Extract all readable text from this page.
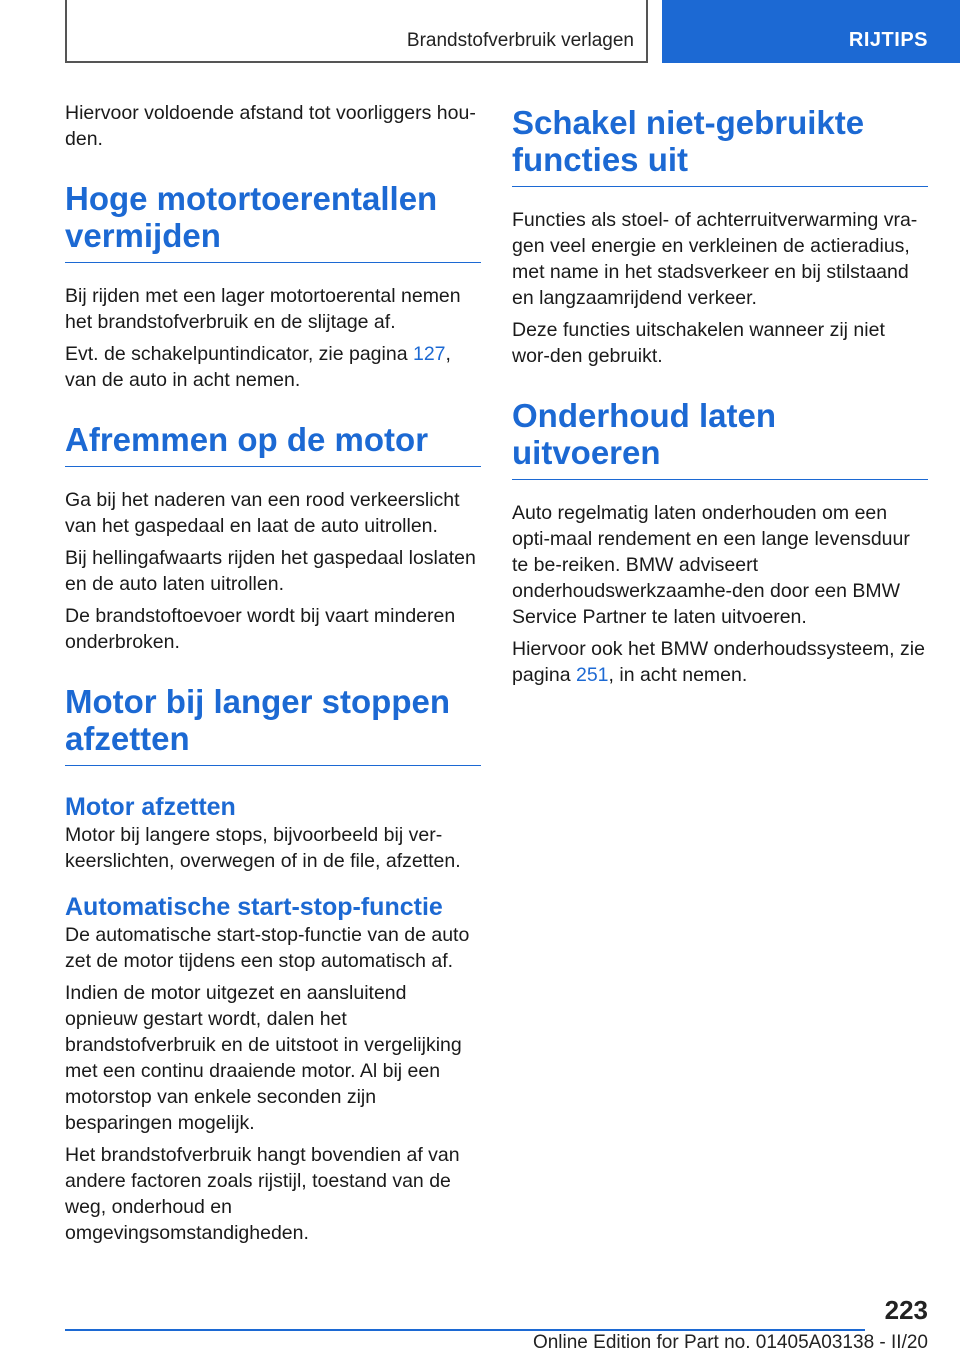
Brandstofverbruik verlagen	RIJTIPS

Hiervoor voldoende afstand tot voorliggers hou-den.

Hoge motortoerentallen vermijden

Bij rijden met een lager motortoerental nemen het brandstofverbruik en de slijtage af.

Evt. de schakelpuntindicator, zie pagina 127, van de auto in acht nemen.

Afremmen op de motor

Ga bij het naderen van een rood verkeerslicht van het gaspedaal en laat de auto uitrollen.

Bij hellingafwaarts rijden het gaspedaal loslaten en de auto laten uitrollen.

De brandstoftoevoer wordt bij vaart minderen onderbroken.

Motor bij langer stoppen afzetten
Motor afzetten

Motor bij langere stops, bijvoorbeeld bij ver-keerslichten, overwegen of in de file, afzetten.

Automatische start-stop-functie

De automatische start-stop-functie van de auto zet de motor tijdens een stop automatisch af.

Indien de motor uitgezet en aansluitend opnieuw gestart wordt, dalen het brandstofverbruik en de uitstoot in vergelijking met een continu draaiende motor. Al bij een motorstop van enkele seconden zijn besparingen mogelijk.

Het brandstofverbruik hangt bovendien af van andere factoren zoals rijstijl, toestand van de weg, onderhoud en omgevingsomstandigheden.

Schakel niet-gebruikte functies uit

Functies als stoel- of achterruitverwarming vra-gen veel energie en verkleinen de actieradius, met name in het stadsverkeer en bij stilstaand en langzaamrijdend verkeer.

Deze functies uitschakelen wanneer zij niet wor-den gebruikt.

Onderhoud laten uitvoeren

Auto regelmatig laten onderhouden om een opti-maal rendement en een lange levensduur te be-reiken. BMW adviseert onderhoudswerkzaamhe-den door een BMW Service Partner te laten uitvoeren.

Hiervoor ook het BMW onderhoudssysteem, zie pagina 251, in acht nemen.

223
Online Edition for Part no. 01405A03138 - II/20
